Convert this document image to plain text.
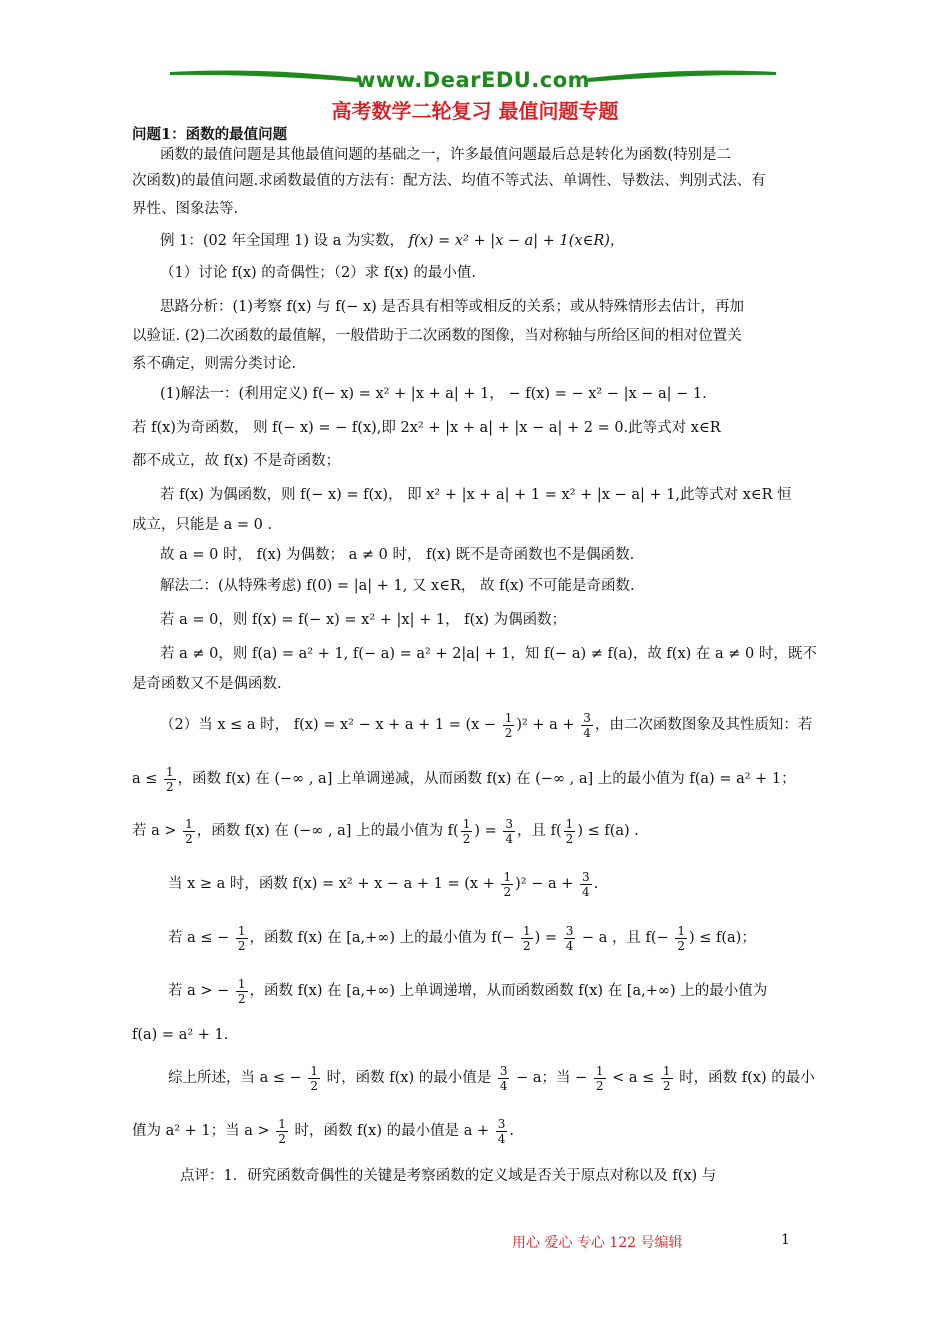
www.DearEDU.com
高考数学二轮复习 最值问题专题
问题1：函数的最值问题
函数的最值问题是其他最值问题的基础之一，许多最值问题最后总是转化为函数(特别是二
次函数)的最值问题.求函数最值的方法有：配方法、均值不等式法、单调性、导数法、判别式法、有
界性、图象法等.
例 1：(02 年全国理 1) 设 a 为实数， f(x) = x² + |x − a| + 1(x∈R)，
（1）讨论 f(x) 的奇偶性；（2）求 f(x) 的最小值.
思路分析：(1)考察 f(x) 与 f(− x) 是否具有相等或相反的关系；或从特殊情形去估计，再加
以验证. (2)二次函数的最值解，一般借助于二次函数的图像，当对称轴与所给区间的相对位置关
系不确定，则需分类讨论.
(1)解法一：(利用定义) f(− x) = x² + |x + a| + 1， − f(x) = − x² − |x − a| − 1.
若 f(x)为奇函数， 则 f(− x) = − f(x),即 2x² + |x + a| + |x − a| + 2 = 0.此等式对 x∈R
都不成立，故 f(x) 不是奇函数；
若 f(x) 为偶函数，则 f(− x) = f(x)， 即 x² + |x + a| + 1 = x² + |x − a| + 1,此等式对 x∈R 恒
成立，只能是 a = 0 .
故 a = 0 时， f(x) 为偶数； a ≠ 0 时， f(x) 既不是奇函数也不是偶函数.
解法二：(从特殊考虑) f(0) = |a| + 1, 又 x∈R， 故 f(x) 不可能是奇函数.
若 a = 0，则 f(x) = f(− x) = x² + |x| + 1， f(x) 为偶函数；
若 a ≠ 0，则 f(a) = a² + 1, f(− a) = a² + 2|a| + 1，知 f(− a) ≠ f(a)，故 f(x) 在 a ≠ 0 时，既不
是奇函数又不是偶函数.
（2）当 x ≤ a 时， $f(x) = x^2 - x + a + 1 = (x - \frac{1}{2} )^2 + a + \frac{3}{4}$ ，由二次函数图象及其性质知：若
$a \le \frac{1}{2}$ ，函数 f(x) 在 (−∞ , a] 上单调递减，从而函数 f(x) 在 (−∞ , a] 上的最小值为 f(a) = a² + 1；
若 $a > \frac{1}{2}$ ，函数 f(x) 在 (−∞ , a] 上的最小值为 $f( \frac{1}{2}$ ) = $\frac{3}{4}$ ，且 $f( \frac{1}{2}$ ) ≤ f(a) .
当 x ≥ a 时，函数 $f(x) = x^2 + x - a + 1 = (x + \frac{1}{2} )^2 - a + \frac{3}{4}$ .
若 a ≤ − $\frac{1}{2}$ ，函数 f(x) 在 [a,+∞) 上的最小值为 $f(- \frac{1}{2}$ ) = $\frac{3}{4} - a$ ，且 $f(- \frac{1}{2}$ ) ≤ f(a)；
若 a > − $\frac{1}{2}$ ，函数 f(x) 在 [a,+∞) 上单调递增，从而函数函数 f(x) 在 [a,+∞) 上的最小值为
f(a) = a² + 1.
综上所述，当 a ≤ − $\frac{1}{2}$ 时，函数 f(x) 的最小值是 $\frac{3}{4} - a$；当 − $\frac{1}{2} < a \le \frac{1}{2}$ 时，函数 f(x) 的最小
值为 a² + 1；当 $a > \frac{1}{2}$ 时，函数 f(x) 的最小值是 $a + \frac{3}{4}$ .
点评：1．研究函数奇偶性的关键是考察函数的定义域是否关于原点对称以及 f(x) 与
用心 爱心 专心 122 号编辑	1
